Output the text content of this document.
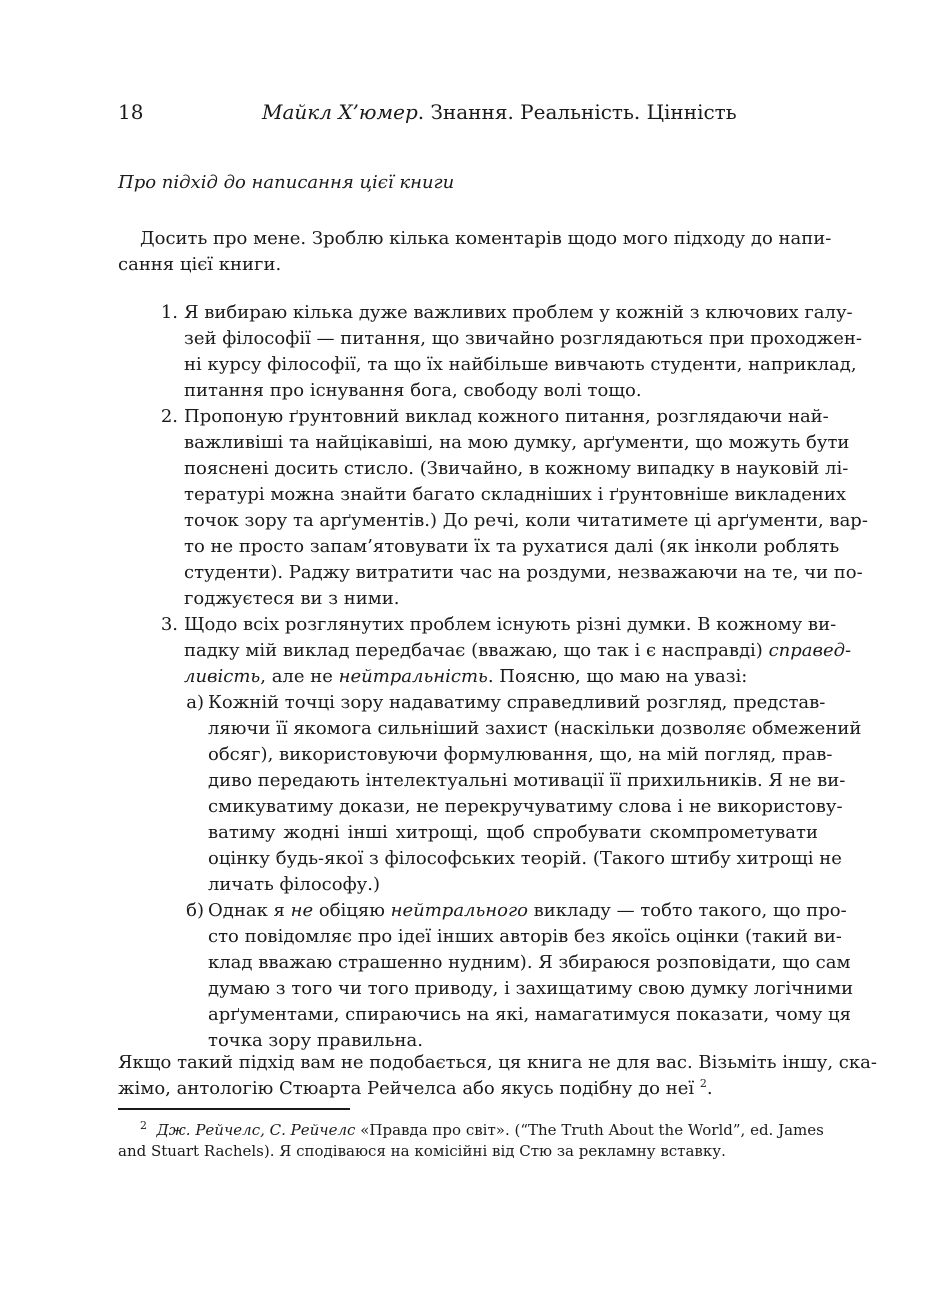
18	Майкл Х’юмер. Знання. Реальність. Цінність
Про підхід до написання цієї книги
Досить про мене. Зроблю кілька коментарів щодо мого підходу до напи-
сання цієї книги.
1. Я вибираю кілька дуже важливих проблем у кожній з ключових галу-
зей філософії — питання, що звичайно розглядаються при проходжен-
ні курсу філософії, та що їх найбільше вивчають студенти, наприклад,
питання про існування бога, свободу волі тощо.
2. Пропоную ґрунтовний виклад кожного питання, розглядаючи най-
важливіші та найцікавіші, на мою думку, арґументи, що можуть бути
пояснені досить стисло. (Звичайно, в кожному випадку в науковій лі-
тературі можна знайти багато складніших і ґрунтовніше викладених
точок зору та арґументів.) До речі, коли читатимете ці арґументи, вар-
то не просто запам’ятовувати їх та рухатися далі (як інколи роблять
студенти). Раджу витратити час на роздуми, незважаючи на те, чи по-
годжуєтеся ви з ними.
3. Щодо всіх розглянутих проблем існують різні думки. В кожному ви-
падку мій виклад передбачає (вважаю, що так і є насправді) справед-
ливість, але не нейтральність. Поясню, що маю на увазі:
а) Кожній точці зору надаватиму справедливий розгляд, представ-
ляючи її якомога сильніший захист (наскільки дозволяє обмежений
обсяг), використовуючи формулювання, що, на мій погляд, прав-
диво передають інтелектуальні мотивації її прихильників. Я не ви-
смикуватиму докази, не перекручуватиму слова і не використову-
ватиму жодні інші хитрощі, щоб спробувати скомпрометувати
оцінку будь-якої з філософських теорій. (Такого штибу хитрощі не
личать філософу.)
б) Однак я не обіцяю нейтрального викладу — тобто такого, що про-
сто повідомляє про ідеї інших авторів без якоїсь оцінки (такий ви-
клад вважаю страшенно нудним). Я збираюся розповідати, що сам
думаю з того чи того приводу, і захищатиму свою думку логічними
арґументами, спираючись на які, намагатимуся показати, чому ця
точка зору правильна.
Якщо такий підхід вам не подобається, ця книга не для вас. Візьміть іншу, ска-
жімо, антологію Стюарта Рейчелса або якусь подібну до неї $^2$.
$^2$ Дж. Рейчелс, С. Рейчелс «Правда про світ». (“The Truth About the World”, ed. James
and Stuart Rachels). Я сподіваюся на комісійні від Стю за рекламну вставку.
